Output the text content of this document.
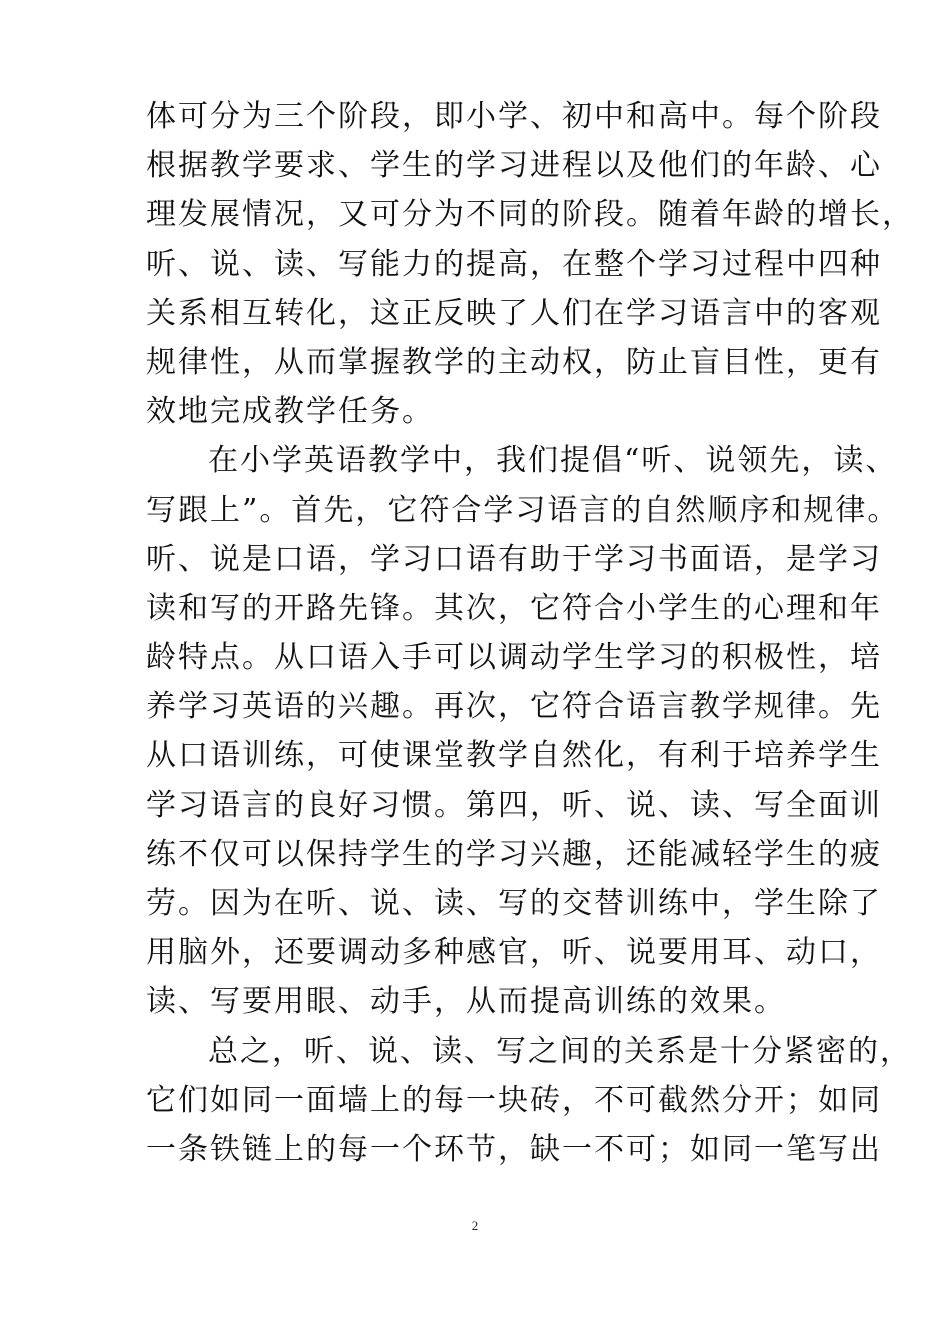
体可分为三个阶段，即小学、初中和高中。每个阶段
根据教学要求、学生的学习进程以及他们的年龄、心
理发展情况，又可分为不同的阶段。随着年龄的增长，
听、说、读、写能力的提高，在整个学习过程中四种
关系相互转化，这正反映了人们在学习语言中的客观
规律性，从而掌握教学的主动权，防止盲目性，更有
效地完成教学任务。
在小学英语教学中，我们提倡“听、说领先，读、
写跟上”。首先，它符合学习语言的自然顺序和规律。
听、说是口语，学习口语有助于学习书面语，是学习
读和写的开路先锋。其次，它符合小学生的心理和年
龄特点。从口语入手可以调动学生学习的积极性，培
养学习英语的兴趣。再次，它符合语言教学规律。先
从口语训练，可使课堂教学自然化，有利于培养学生
学习语言的良好习惯。第四，听、说、读、写全面训
练不仅可以保持学生的学习兴趣，还能减轻学生的疲
劳。因为在听、说、读、写的交替训练中，学生除了
用脑外，还要调动多种感官，听、说要用耳、动口，
读、写要用眼、动手，从而提高训练的效果。
总之，听、说、读、写之间的关系是十分紧密的，
它们如同一面墙上的每一块砖，不可截然分开；如同
一条铁链上的每一个环节，缺一不可；如同一笔写出
2
